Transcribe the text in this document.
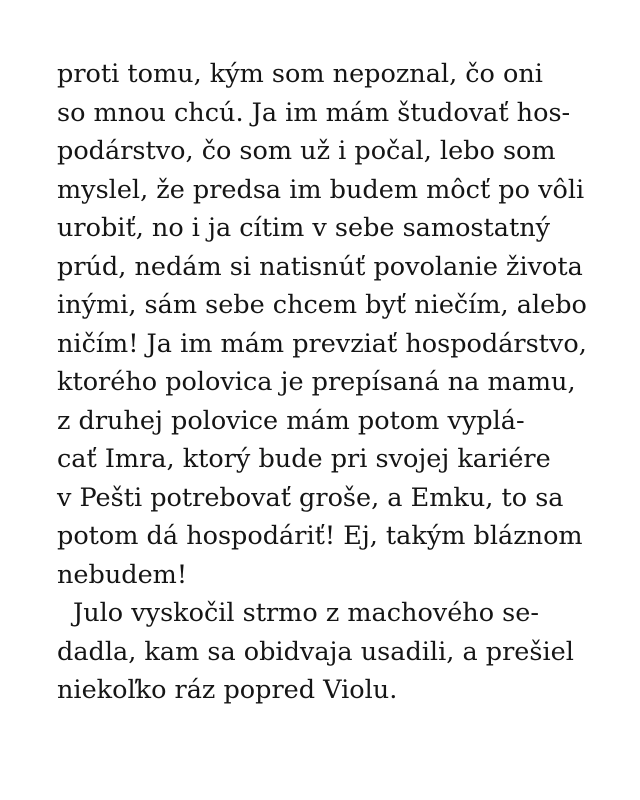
proti tomu, kým som nepoznal, čo oni
so mnou chcú. Ja im mám študovať hos-
podárstvo, čo som už i počal, lebo som
myslel, že predsa im budem môcť po vôli
urobiť, no i ja cítim v sebe samostatný
prúd, nedám si natisnúť povolanie života
inými, sám sebe chcem byť niečím, alebo
ničím! Ja im mám prevziať hospodárstvo,
ktorého polovica je prepísaná na mamu,
z druhej polovice mám potom vyplá-
cať Imra, ktorý bude pri svojej kariére
v Pešti potrebovať groše, a Emku, to sa
potom dá hospodáriť! Ej, takým bláznom
nebudem!
Julo vyskočil strmo z machového se-
dadla, kam sa obidvaja usadili, a prešiel
niekoľko ráz popred Violu.
